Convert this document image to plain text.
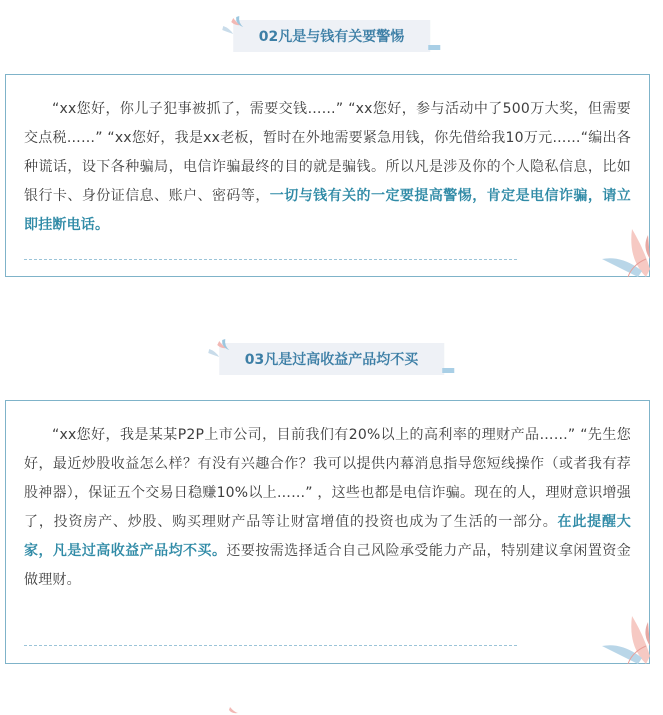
02凡是与钱有关要警惕

“xx您好，你儿子犯事被抓了，需要交钱……” “xx您好，参与活动中了500万大奖，但需要交点税……” “xx您好，我是xx老板，暂时在外地需要紧急用钱，你先借给我10万元……“编出各种谎话，设下各种骗局，电信诈骗最终的目的就是骗钱。所以凡是涉及你的个人隐私信息，比如银行卡、身份证信息、账户、密码等，一切与钱有关的一定要提高警惕，肯定是电信诈骗，请立即挂断电话。

03凡是过高收益产品均不买

“xx您好，我是某某P2P上市公司，目前我们有20%以上的高利率的理财产品……” “先生您好，最近炒股收益怎么样？有没有兴趣合作？我可以提供内幕消息指导您短线操作（或者我有荐股神器），保证五个交易日稳赚10%以上……” ，这些也都是电信诈骗。现在的人，理财意识增强了，投资房产、炒股、购买理财产品等让财富增值的投资也成为了生活的一部分。在此提醒大家，凡是过高收益产品均不买。还要按需选择适合自己风险承受能力产品，特别建议拿闲置资金做理财。
